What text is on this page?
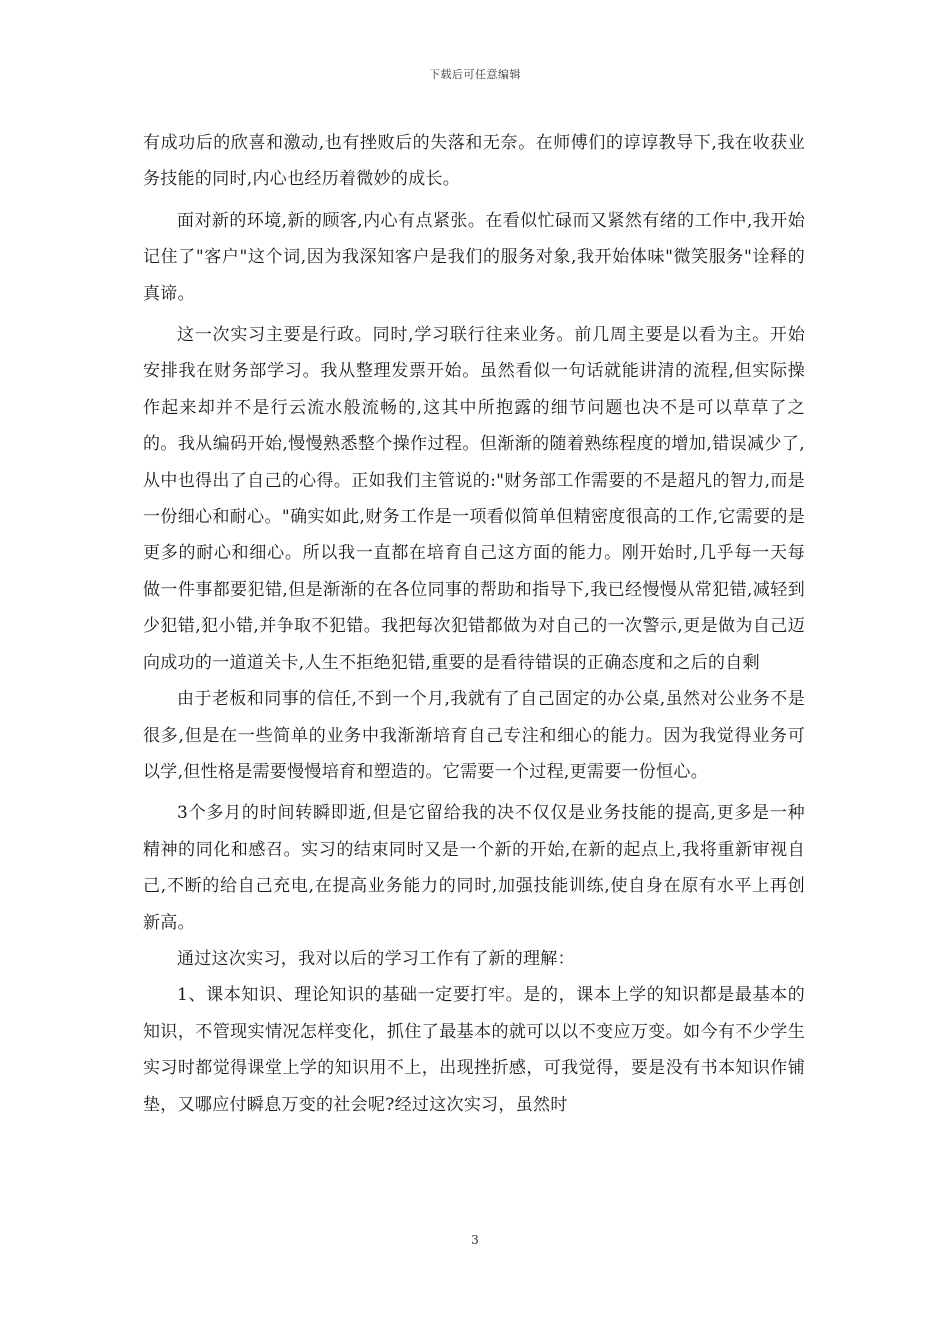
下载后可任意编辑

有成功后的欣喜和激动,也有挫败后的失落和无奈。在师傅们的谆谆教导下,我在收获业务技能的同时,内心也经历着微妙的成长。

面对新的环境,新的顾客,内心有点紧张。在看似忙碌而又紧然有绪的工作中,我开始记住了"客户"这个词,因为我深知客户是我们的服务对象,我开始体味"微笑服务"诠释的真谛。

这一次实习主要是行政。同时,学习联行往来业务。前几周主要是以看为主。开始安排我在财务部学习。我从整理发票开始。虽然看似一句话就能讲清的流程,但实际操作起来却并不是行云流水般流畅的,这其中所抱露的细节问题也决不是可以草草了之的。我从编码开始,慢慢熟悉整个操作过程。但渐渐的随着熟练程度的增加,错误减少了,从中也得出了自己的心得。正如我们主管说的:"财务部工作需要的不是超凡的智力,而是一份细心和耐心。"确实如此,财务工作是一项看似简单但精密度很高的工作,它需要的是更多的耐心和细心。所以我一直都在培育自己这方面的能力。刚开始时,几乎每一天每做一件事都要犯错,但是渐渐的在各位同事的帮助和指导下,我已经慢慢从常犯错,减轻到少犯错,犯小错,并争取不犯错。我把每次犯错都做为对自己的一次警示,更是做为自己迈向成功的一道道关卡,人生不拒绝犯错,重要的是看待错误的正确态度和之后的自剩

由于老板和同事的信任,不到一个月,我就有了自己固定的办公桌,虽然对公业务不是很多,但是在一些简单的业务中我渐渐培育自己专注和细心的能力。因为我觉得业务可以学,但性格是需要慢慢培育和塑造的。它需要一个过程,更需要一份恒心。

3个多月的时间转瞬即逝,但是它留给我的决不仅仅是业务技能的提高,更多是一种精神的同化和感召。实习的结束同时又是一个新的开始,在新的起点上,我将重新审视自己,不断的给自己充电,在提高业务能力的同时,加强技能训练,使自身在原有水平上再创新高。

通过这次实习，我对以后的学习工作有了新的理解：

1、课本知识、理论知识的基础一定要打牢。是的，课本上学的知识都是最基本的知识，不管现实情况怎样变化，抓住了最基本的就可以以不变应万变。如今有不少学生实习时都觉得课堂上学的知识用不上，出现挫折感，可我觉得，要是没有书本知识作铺垫，又哪应付瞬息万变的社会呢?经过这次实习，虽然时

3
